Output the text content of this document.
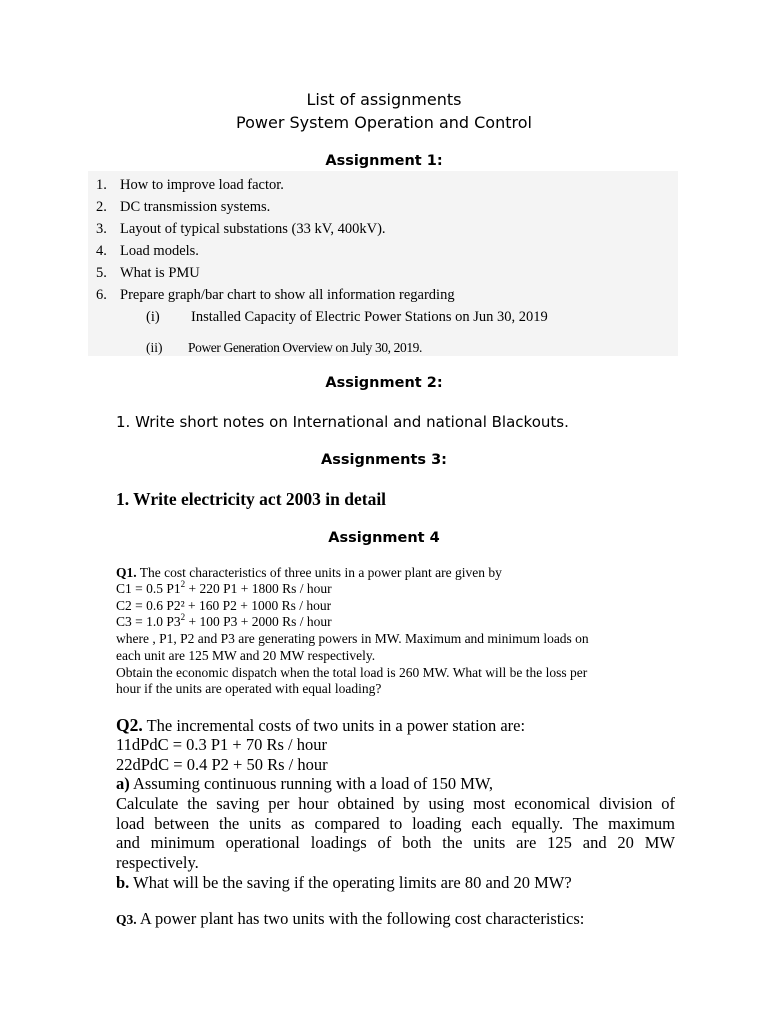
List of assignments
Power System Operation and Control
Assignment 1:
1. How to improve load factor.
2. DC transmission systems.
3. Layout of typical substations (33 kV, 400kV).
4. Load models.
5. What is PMU
6. Prepare graph/bar chart to show all information regarding
(i) Installed Capacity of Electric Power Stations on Jun 30, 2019
(ii) Power Generation Overview on July 30, 2019.
Assignment 2:
1. Write short notes on International and national Blackouts.
Assignments 3:
1. Write electricity act 2003 in detail
Assignment 4
Q1. The cost characteristics of three units in a power plant are given by
C1 = 0.5 $P1^2 + 220$ P1 + 1800 Rs / hour
C2 = 0.6 P2² + 160 P2 + 1000 Rs / hour
C3 = 1.0 $P3^2 + 100$ P3 + 2000 Rs / hour
where , P1, P2 and P3 are generating powers in MW. Maximum and minimum loads on
each unit are 125 MW and 20 MW respectively.
Obtain the economic dispatch when the total load is 260 MW. What will be the loss per
hour if the units are operated with equal loading?
Q2. The incremental costs of two units in a power station are:
11dPdC = 0.3 P1 + 70 Rs / hour
22dPdC = 0.4 P2 + 50 Rs / hour
a) Assuming continuous running with a load of 150 MW,
Calculate the saving per hour obtained by using most economical division of
load between the units as compared to loading each equally. The maximum
and minimum operational loadings of both the units are 125 and 20 MW
respectively.
b. What will be the saving if the operating limits are 80 and 20 MW?
Q3. A power plant has two units with the following cost characteristics:
